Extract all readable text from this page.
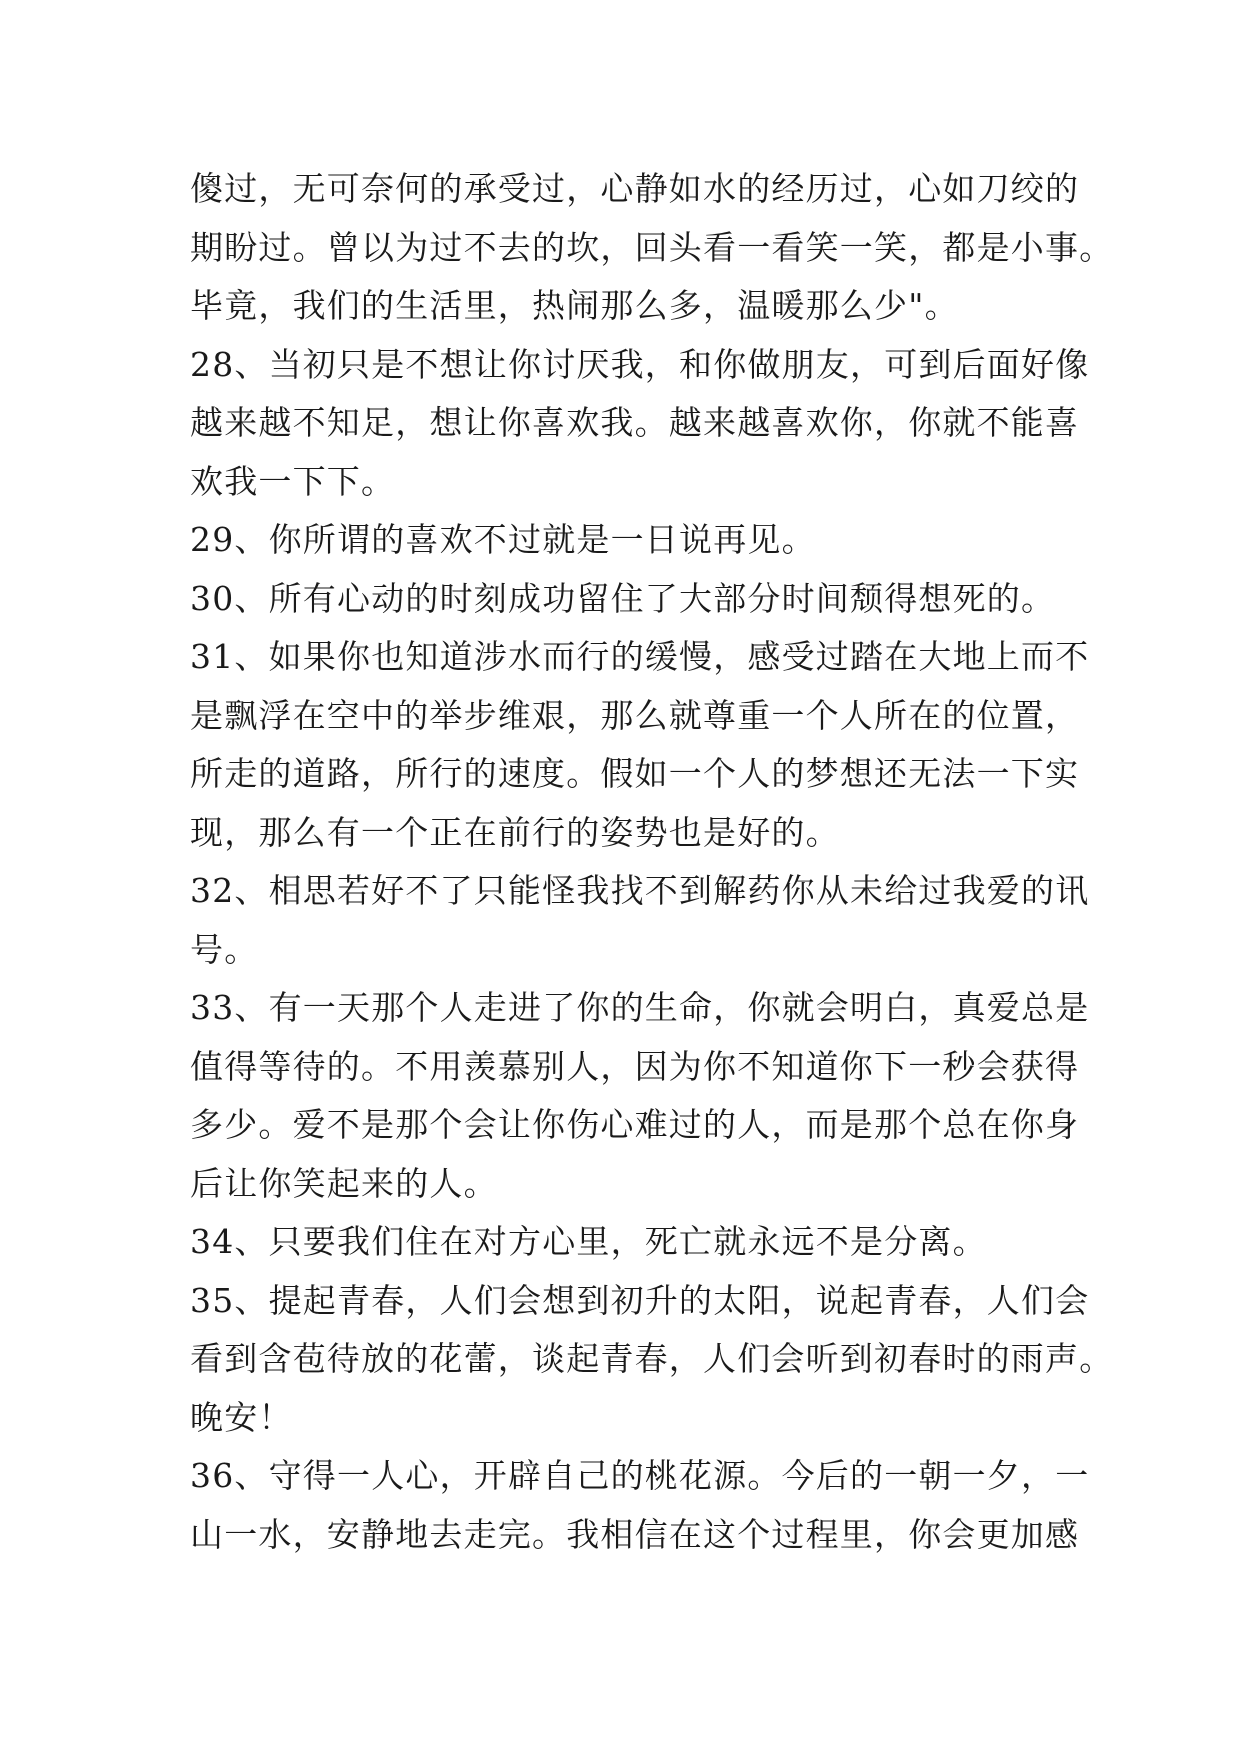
傻过，无可奈何的承受过，心静如水的经历过，心如刀绞的
期盼过。曾以为过不去的坎，回头看一看笑一笑，都是小事。
毕竟，我们的生活里，热闹那么多，温暖那么少"。
28、当初只是不想让你讨厌我，和你做朋友，可到后面好像
越来越不知足，想让你喜欢我。越来越喜欢你，你就不能喜
欢我一下下。
29、你所谓的喜欢不过就是一日说再见。
30、所有心动的时刻成功留住了大部分时间颓得想死的。
31、如果你也知道涉水而行的缓慢，感受过踏在大地上而不
是飘浮在空中的举步维艰，那么就尊重一个人所在的位置，
所走的道路，所行的速度。假如一个人的梦想还无法一下实
现，那么有一个正在前行的姿势也是好的。
32、相思若好不了只能怪我找不到解药你从未给过我爱的讯
号。
33、有一天那个人走进了你的生命，你就会明白，真爱总是
值得等待的。不用羡慕别人，因为你不知道你下一秒会获得
多少。爱不是那个会让你伤心难过的人，而是那个总在你身
后让你笑起来的人。
34、只要我们住在对方心里，死亡就永远不是分离。
35、提起青春，人们会想到初升的太阳，说起青春，人们会
看到含苞待放的花蕾，谈起青春，人们会听到初春时的雨声。
晚安！
36、守得一人心，开辟自己的桃花源。今后的一朝一夕，一
山一水，安静地去走完。我相信在这个过程里，你会更加感
